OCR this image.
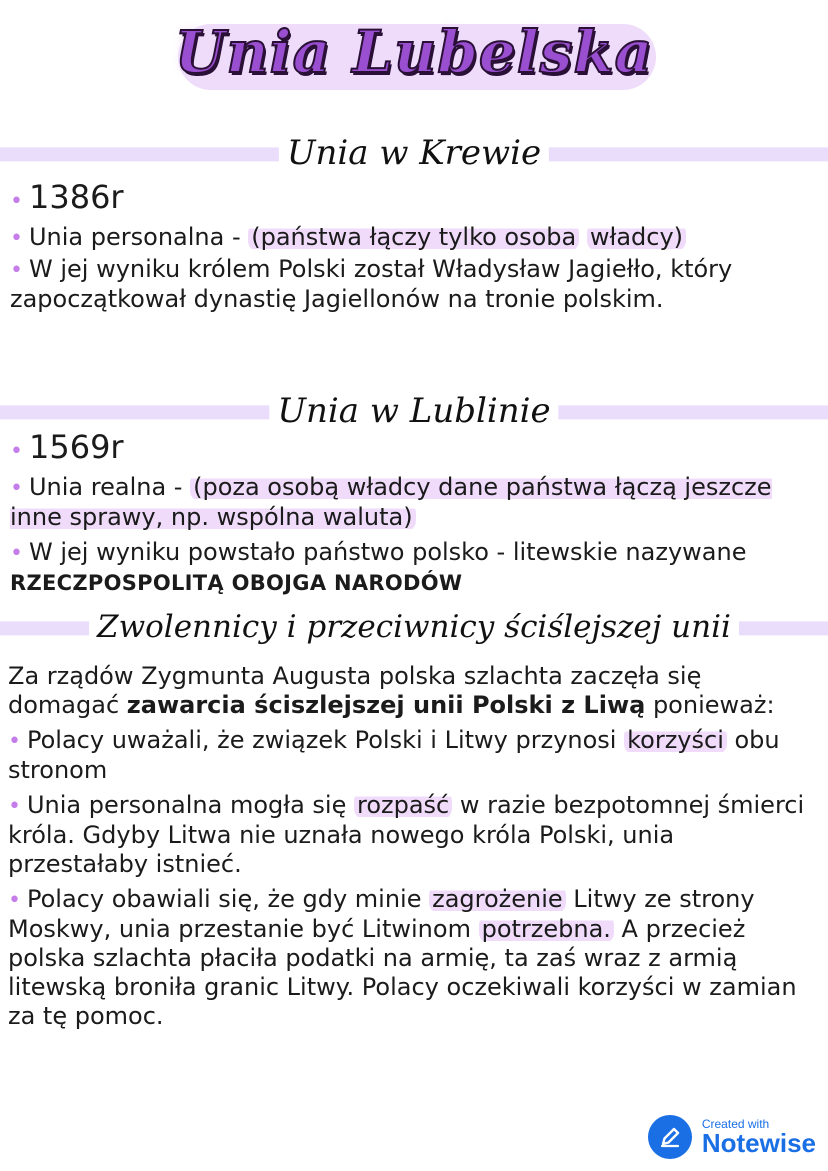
Unia Lubelska
Unia w Krewie

• 1386r

• Unia personalna - (państwa łączy tylko osoba władcy)

• W jej wyniku królem Polski został Władysław Jagiełło, który zapoczątkował dynastię Jagiellonów na tronie polskim.

Unia w Lublinie

• 1569r

• Unia realna - (poza osobą władcy dane państwa łączą jeszcze inne sprawy, np. wspólna waluta)

• W jej wyniku powstało państwo polsko - litewskie nazywane RZECZPOSPOLITĄ OBOJGA NARODÓW

Zwolennicy i przeciwnicy ściślejszej unii

Za rządów Zygmunta Augusta polska szlachta zaczęła się domagać zawarcia ściszlejszej unii Polski z Liwą ponieważ:

• Polacy uważali, że związek Polski i Litwy przynosi korzyści obu stronom

• Unia personalna mogła się rozpaść w razie bezpotomnej śmierci króla. Gdyby Litwa nie uznała nowego króla Polski, unia przestałaby istnieć.

• Polacy obawiali się, że gdy minie zagrożenie Litwy ze strony Moskwy, unia przestanie być Litwinom potrzebna. A przecież polska szlachta płaciła podatki na armię, ta zaś wraz z armią litewską broniła granic Litwy. Polacy oczekiwali korzyści w zamian za tę pomoc.

Created with
Notewise
